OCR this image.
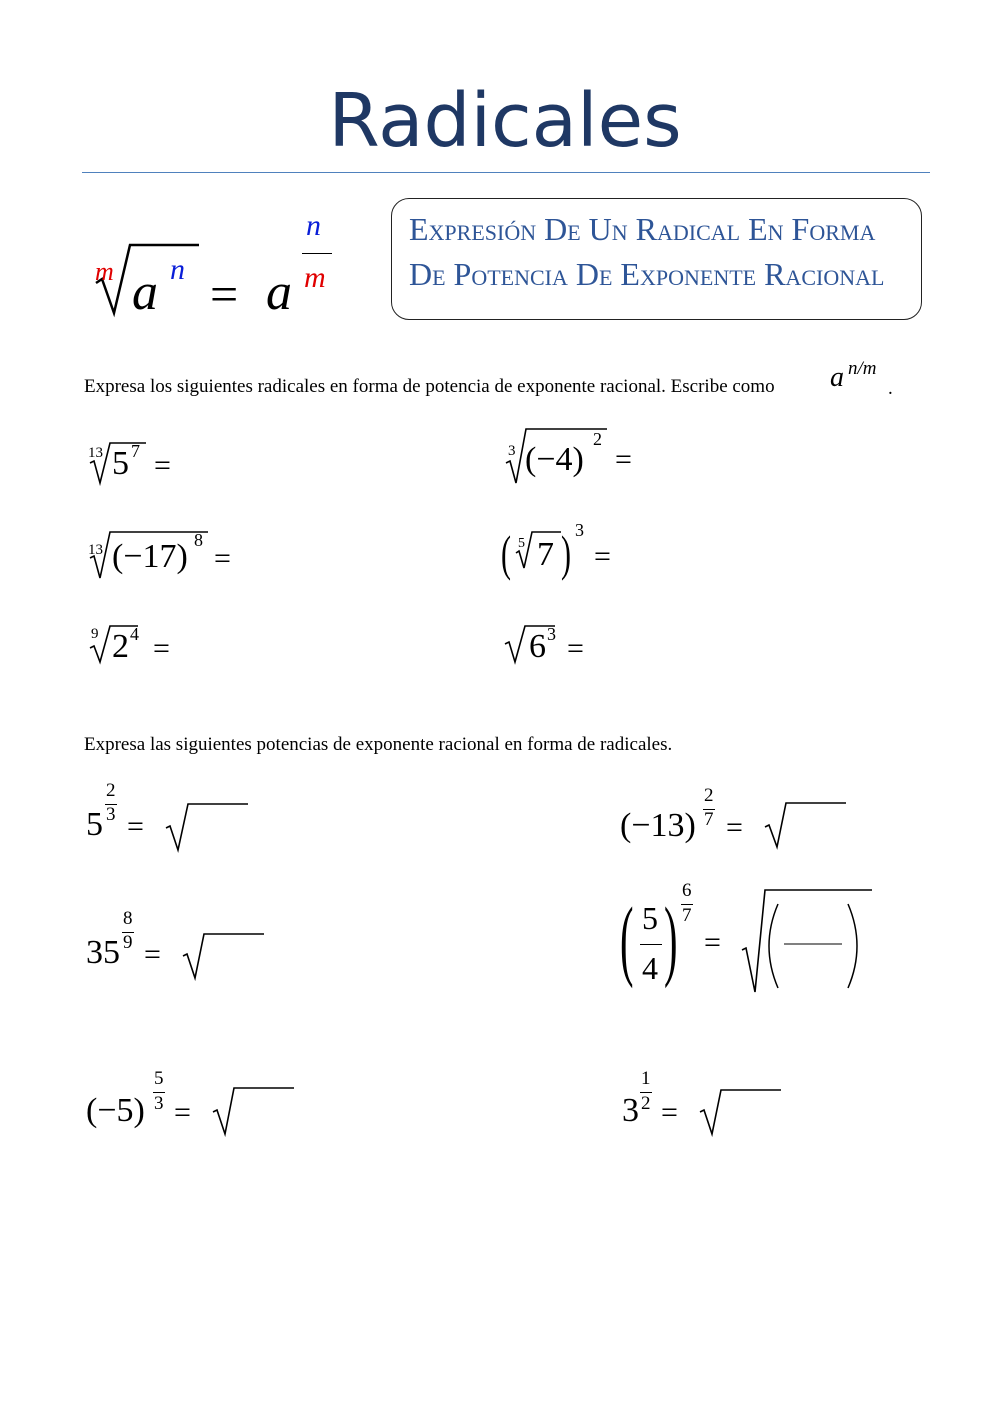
Radicales
m a n = a
n
m
Expresión De Un Radical En Forma
De Potencia De Exponente Racional
Expresa los siguientes radicales en forma de potencia de exponente racional. Escribe como a n/m
.
13 5 7 =	3 (−4)
2
=
13 (−17) 8
=	( 5 7 ) 3
=
9 2 4 =	6 3 =
Expresa las siguientes potencias de exponente racional en forma de radicales.
5
2
3 =	(−13)
2
7 =
35
8
9 =	( 5
4 ) 6
7
=
(−5)
5
3 =	3
1
2 =
